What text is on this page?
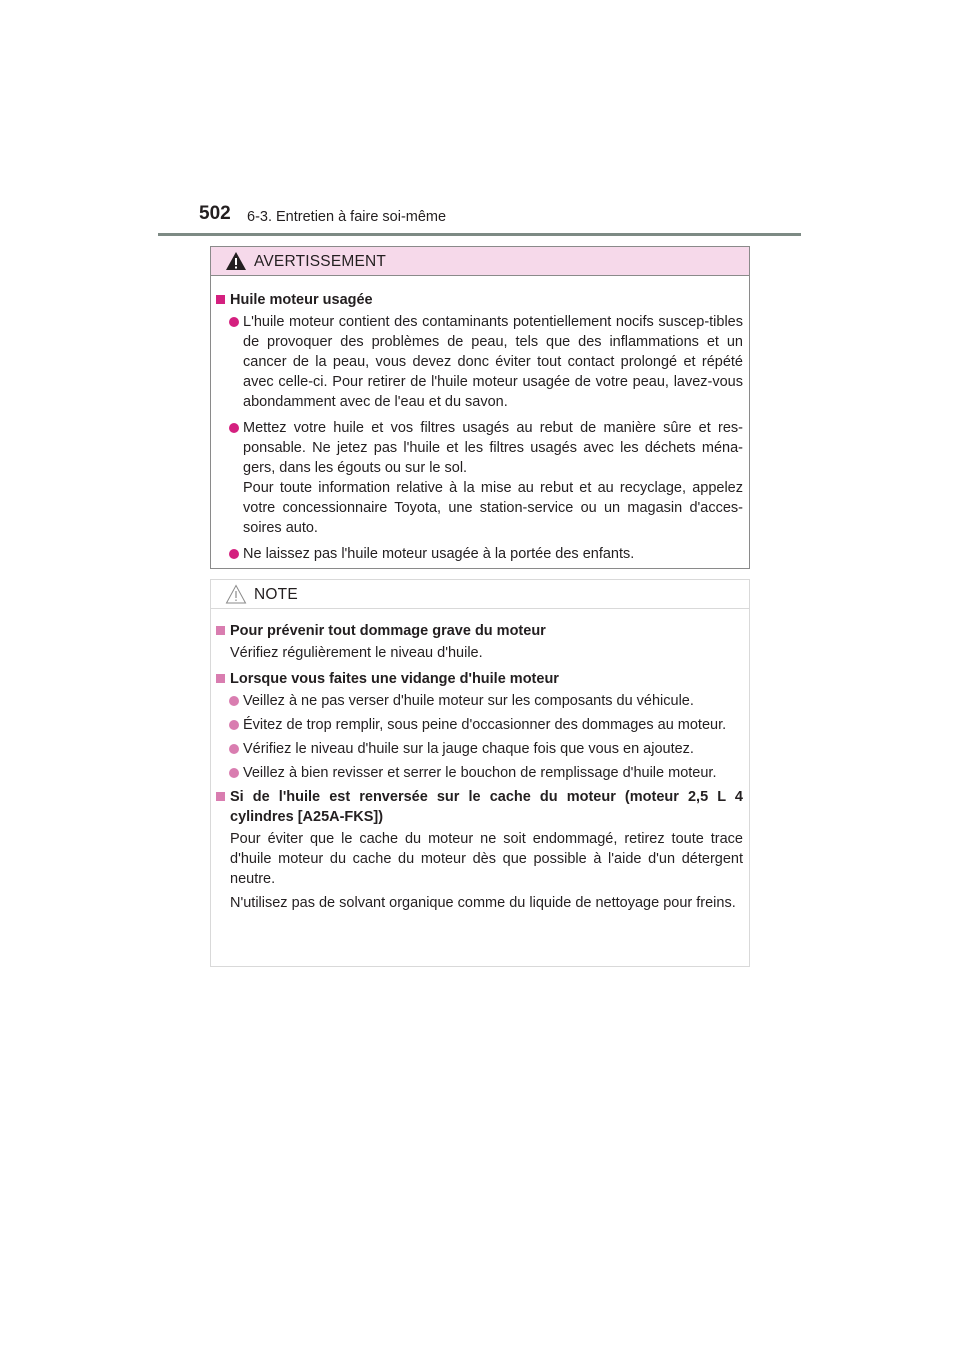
502 6-3. Entretien à faire soi-même
AVERTISSEMENT
Huile moteur usagée
L'huile moteur contient des contaminants potentiellement nocifs suscep-tibles de provoquer des problèmes de peau, tels que des inflammations et un cancer de la peau, vous devez donc éviter tout contact prolongé et répété avec celle-ci. Pour retirer de l'huile moteur usagée de votre peau, lavez-vous abondamment avec de l'eau et du savon.
Mettez votre huile et vos filtres usagés au rebut de manière sûre et res-ponsable. Ne jetez pas l'huile et les filtres usagés avec les déchets ména-gers, dans les égouts ou sur le sol.
Pour toute information relative à la mise au rebut et au recyclage, appelez votre concessionnaire Toyota, une station-service ou un magasin d'acces-soires auto.
Ne laissez pas l'huile moteur usagée à la portée des enfants.
NOTE
Pour prévenir tout dommage grave du moteur
Vérifiez régulièrement le niveau d'huile.
Lorsque vous faites une vidange d'huile moteur
Veillez à ne pas verser d'huile moteur sur les composants du véhicule.
Évitez de trop remplir, sous peine d'occasionner des dommages au moteur.
Vérifiez le niveau d'huile sur la jauge chaque fois que vous en ajoutez.
Veillez à bien revisser et serrer le bouchon de remplissage d'huile moteur.
Si de l'huile est renversée sur le cache du moteur (moteur 2,5 L 4 cylindres [A25A-FKS])
Pour éviter que le cache du moteur ne soit endommagé, retirez toute trace d'huile moteur du cache du moteur dès que possible à l'aide d'un détergent neutre.
N'utilisez pas de solvant organique comme du liquide de nettoyage pour freins.
